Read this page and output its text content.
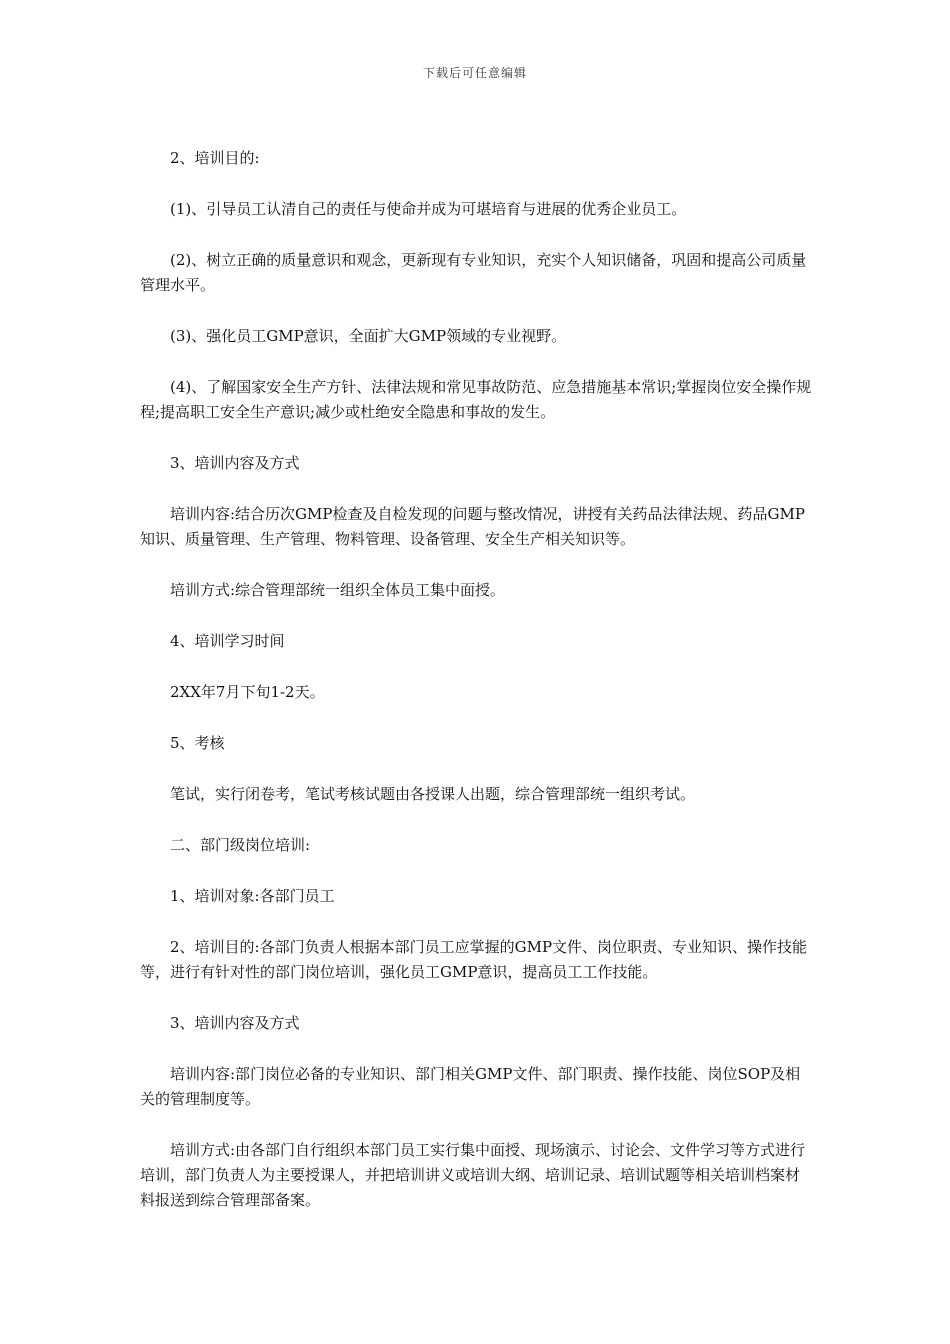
下载后可任意编辑

2、培训目的:

(1)、引导员工认清自己的责任与使命并成为可堪培育与进展的优秀企业员工。

(2)、树立正确的质量意识和观念，更新现有专业知识，充实个人知识储备，巩固和提高公司质量管理水平。

(3)、强化员工GMP意识，全面扩大GMP领域的专业视野。

(4)、了解国家安全生产方针、法律法规和常见事故防范、应急措施基本常识;掌握岗位安全操作规程;提高职工安全生产意识;减少或杜绝安全隐患和事故的发生。

3、培训内容及方式

培训内容:结合历次GMP检查及自检发现的问题与整改情况，讲授有关药品法律法规、药品GMP知识、质量管理、生产管理、物料管理、设备管理、安全生产相关知识等。

培训方式:综合管理部统一组织全体员工集中面授。

4、培训学习时间

2XX年7月下旬1-2天。

5、考核

笔试，实行闭卷考，笔试考核试题由各授课人出题，综合管理部统一组织考试。

二、部门级岗位培训:

1、培训对象:各部门员工

2、培训目的:各部门负责人根据本部门员工应掌握的GMP文件、岗位职责、专业知识、操作技能等，进行有针对性的部门岗位培训，强化员工GMP意识，提高员工工作技能。

3、培训内容及方式

培训内容:部门岗位必备的专业知识、部门相关GMP文件、部门职责、操作技能、岗位SOP及相关的管理制度等。

培训方式:由各部门自行组织本部门员工实行集中面授、现场演示、讨论会、文件学习等方式进行培训，部门负责人为主要授课人，并把培训讲义或培训大纲、培训记录、培训试题等相关培训档案材料报送到综合管理部备案。
